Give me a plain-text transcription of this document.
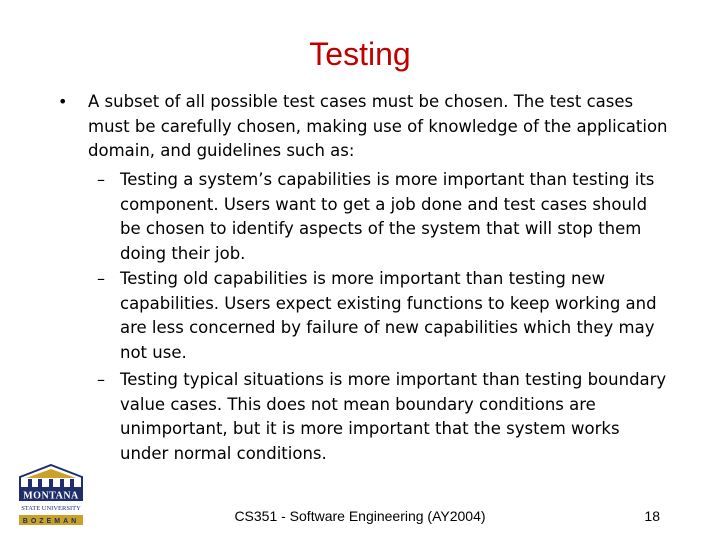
Testing
• A subset of all possible test cases must be chosen. The test cases must be carefully chosen, making use of knowledge of the application domain, and guidelines such as:
– Testing a system’s capabilities is more important than testing its component. Users want to get a job done and test cases should be chosen to identify aspects of the system that will stop them doing their job.
– Testing old capabilities is more important than testing new capabilities. Users expect existing functions to keep working and are less concerned by failure of new capabilities which they may not use.
– Testing typical situations is more important than testing boundary value cases. This does not mean boundary conditions are unimportant, but it is more important that the system works under normal conditions.
MONTANA
STATE UNIVERSITY
BOZEMAN	CS351 - Software Engineering (AY2004)	18
